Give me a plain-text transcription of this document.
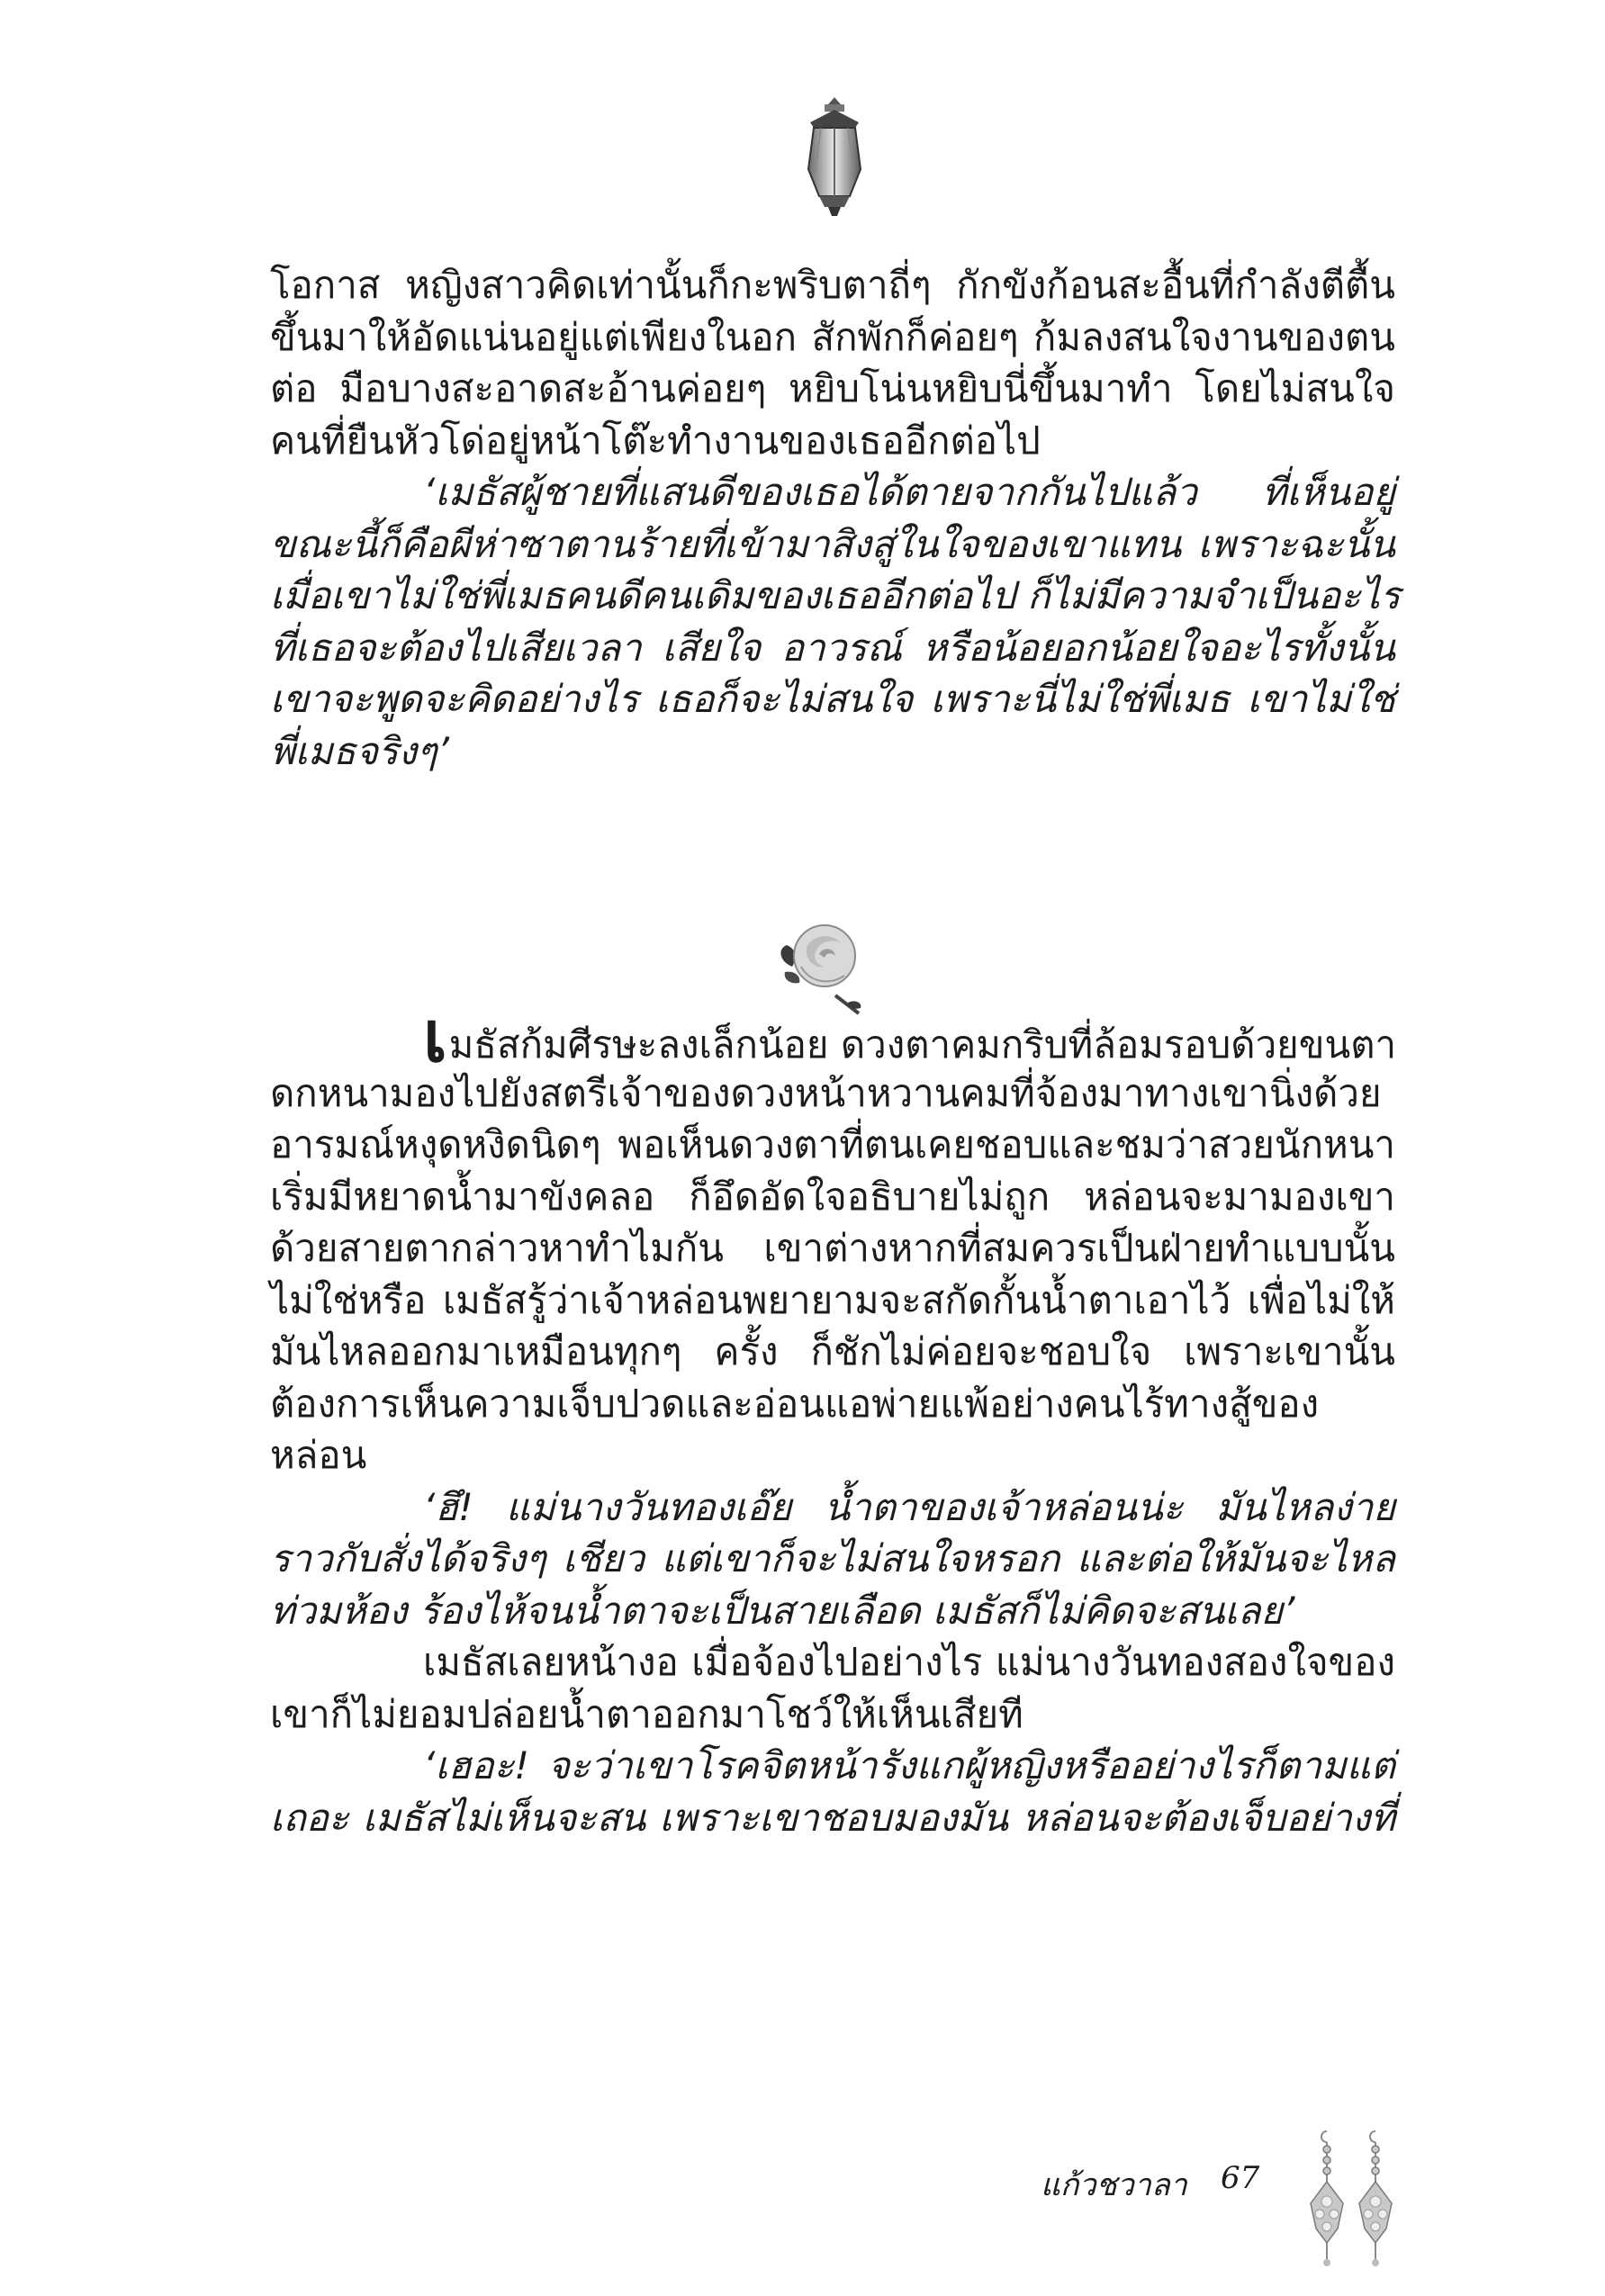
โอกาส หญิงสาวคิดเท่านั้นก็กะพริบตาถี่ๆ กักขังก้อนสะอื้นที่กำลังตีตื้น
ขึ้นมาให้อัดแน่นอยู่แต่เพียงในอก สักพักก็ค่อยๆ ก้มลงสนใจงานของตน
ต่อ มือบางสะอาดสะอ้านค่อยๆ หยิบโน่นหยิบนี่ขึ้นมาทำ โดยไม่สนใจ
คนที่ยืนหัวโด่อยู่หน้าโต๊ะทำงานของเธออีกต่อไป
‘เมธัสผู้ชายที่แสนดีของเธอได้ตายจากกันไปแล้ว ที่เห็นอยู่
ขณะนี้ก็คือผีห่าซาตานร้ายที่เข้ามาสิงสู่ในใจของเขาแทน เพราะฉะนั้น
เมื่อเขาไม่ใช่พี่เมธคนดีคนเดิมของเธออีกต่อไป ก็ไม่มีความจำเป็นอะไร
ที่เธอจะต้องไปเสียเวลา เสียใจ อาวรณ์ หรือน้อยอกน้อยใจอะไรทั้งนั้น
เขาจะพูดจะคิดอย่างไร เธอก็จะไม่สนใจ เพราะนี่ไม่ใช่พี่เมธ เขาไม่ใช่
พี่เมธจริงๆ’
เมธัสก้มศีรษะลงเล็กน้อย ดวงตาคมกริบที่ล้อมรอบด้วยขนตา
ดกหนามองไปยังสตรีเจ้าของดวงหน้าหวานคมที่จ้องมาทางเขานิ่งด้วย
อารมณ์หงุดหงิดนิดๆ พอเห็นดวงตาที่ตนเคยชอบและชมว่าสวยนักหนา
เริ่มมีหยาดน้ำมาขังคลอ ก็อึดอัดใจอธิบายไม่ถูก หล่อนจะมามองเขา
ด้วยสายตากล่าวหาทำไมกัน เขาต่างหากที่สมควรเป็นฝ่ายทำแบบนั้น
ไม่ใช่หรือ เมธัสรู้ว่าเจ้าหล่อนพยายามจะสกัดกั้นน้ำตาเอาไว้ เพื่อไม่ให้
มันไหลออกมาเหมือนทุกๆ ครั้ง ก็ชักไม่ค่อยจะชอบใจ เพราะเขานั้น
ต้องการเห็นความเจ็บปวดและอ่อนแอพ่ายแพ้อย่างคนไร้ทางสู้ของ
หล่อน
‘ฮึ! แม่นางวันทองเอ๊ย น้ำตาของเจ้าหล่อนน่ะ มันไหลง่าย
ราวกับสั่งได้จริงๆ เชียว แต่เขาก็จะไม่สนใจหรอก และต่อให้มันจะไหล
ท่วมห้อง ร้องไห้จนน้ำตาจะเป็นสายเลือด เมธัสก็ไม่คิดจะสนเลย’
เมธัสเลยหน้างอ เมื่อจ้องไปอย่างไร แม่นางวันทองสองใจของ
เขาก็ไม่ยอมปล่อยน้ำตาออกมาโชว์ให้เห็นเสียที
‘เฮอะ! จะว่าเขาโรคจิตหน้ารังแกผู้หญิงหรืออย่างไรก็ตามแต่
เถอะ เมธัสไม่เห็นจะสน เพราะเขาชอบมองมัน หล่อนจะต้องเจ็บอย่างที่
แก้วชวาลา 67
